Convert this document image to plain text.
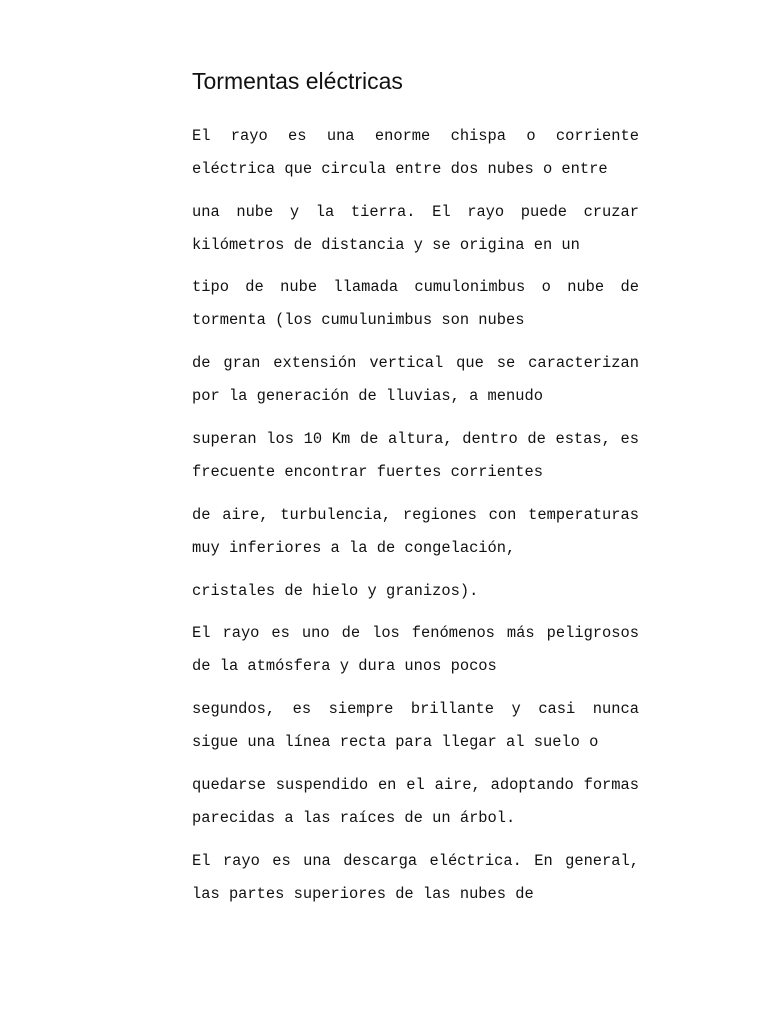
Tormentas eléctricas

El rayo es una enorme chispa o corriente
eléctrica que circula entre dos nubes o entre

una nube y la tierra. El rayo puede cruzar
kilómetros de distancia y se origina en un

tipo de nube llamada cumulonimbus o nube de
tormenta (los cumulunimbus son nubes

de gran extensión vertical que se caracterizan
por la generación de lluvias, a menudo

superan los 10 Km de altura, dentro de estas, es
frecuente encontrar fuertes corrientes

de aire, turbulencia, regiones con temperaturas
muy inferiores a la de congelación,

cristales de hielo y granizos).

El rayo es uno de los fenómenos más peligrosos
de la atmósfera y dura unos pocos

segundos, es siempre brillante y casi nunca
sigue una línea recta para llegar al suelo o

quedarse suspendido en el aire, adoptando formas
parecidas a las raíces de un árbol.

El rayo es una descarga eléctrica. En general,
las partes superiores de las nubes de
